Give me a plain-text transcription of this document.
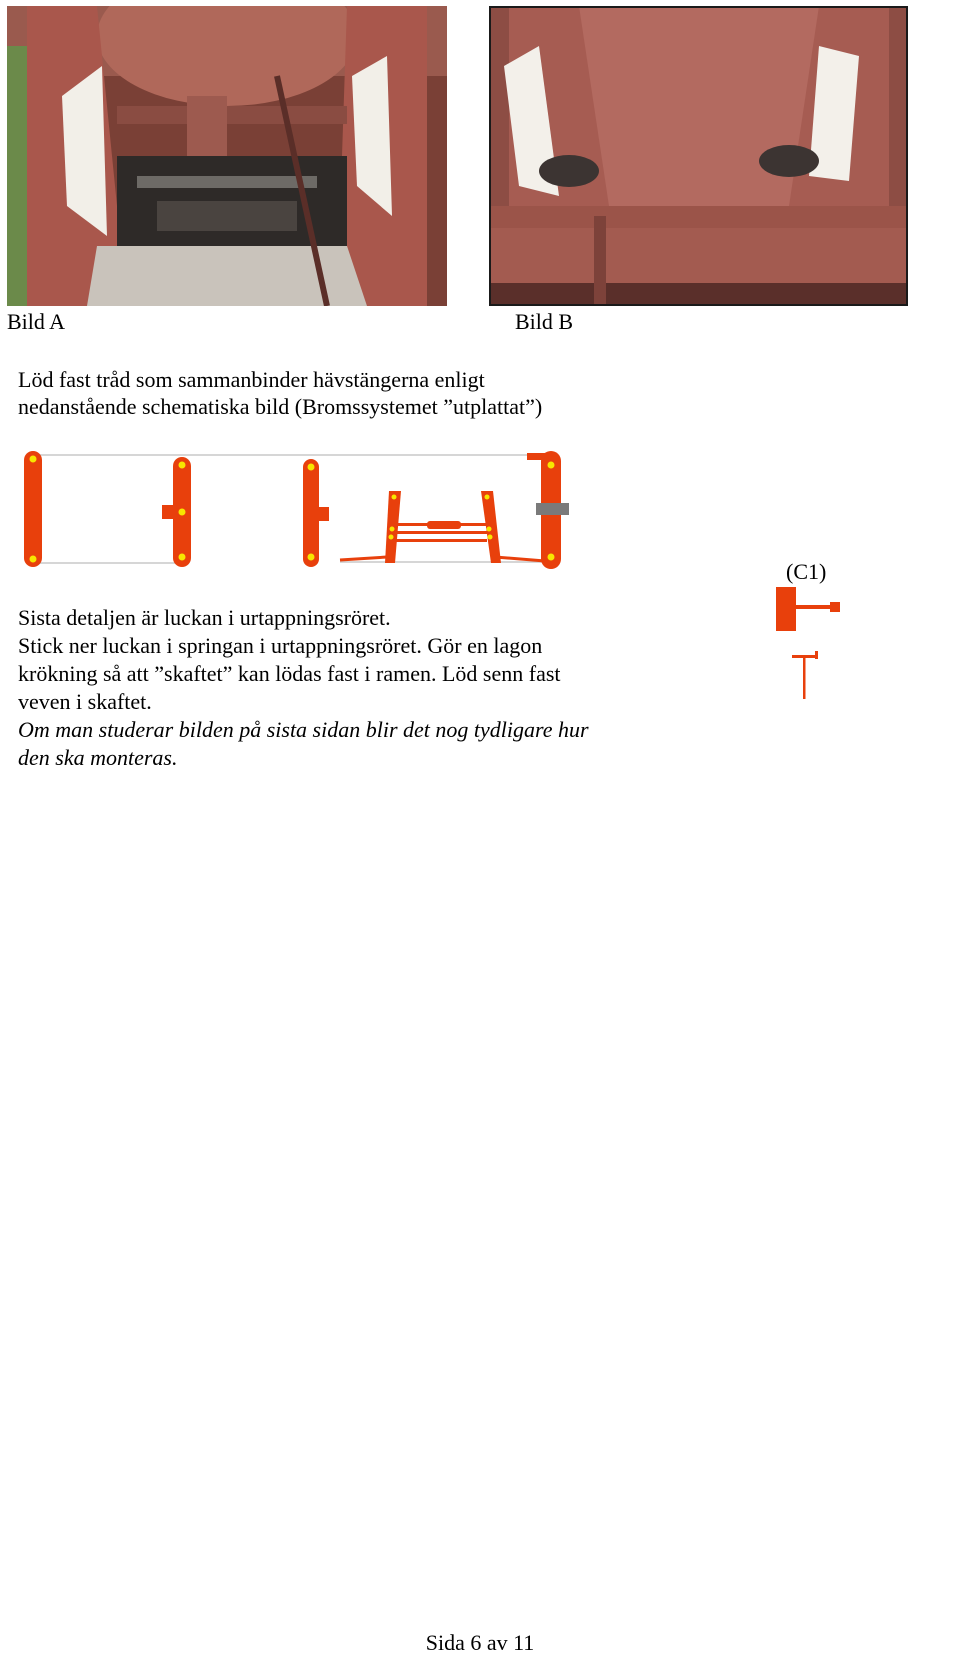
Bild A	Bild B
Löd fast tråd som sammanbinder hävstängerna enligt
nedanstående schematiska bild (Bromssystemet ”utplattat”)
(C1)
Sista detaljen är luckan i urtappningsröret.
Stick ner luckan i springan i urtappningsröret. Gör en lagon
krökning så att ”skaftet” kan lödas fast i ramen. Löd senn fast
veven i skaftet.
Om man studerar bilden på sista sidan blir det nog tydligare hur
den ska monteras.
Sida 6 av 11
